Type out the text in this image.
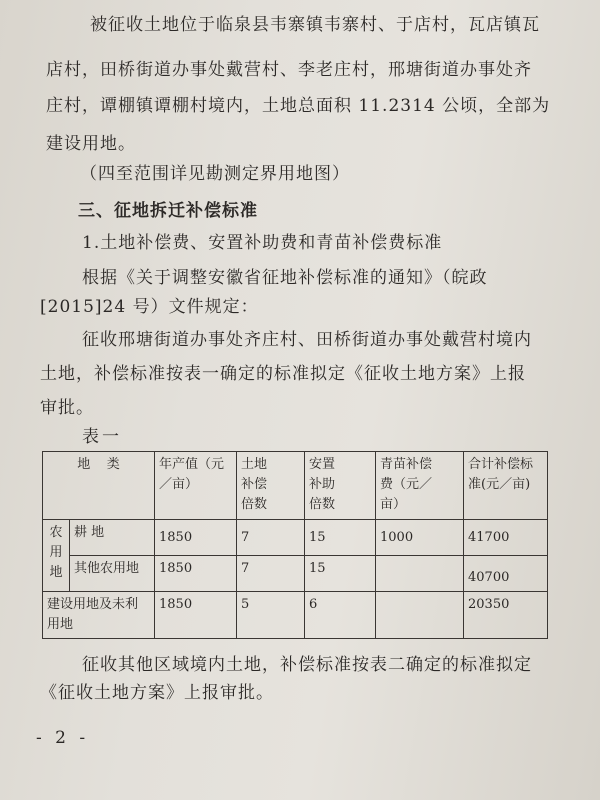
被征收土地位于临泉县韦寨镇韦寨村、于店村，瓦店镇瓦
店村，田桥街道办事处戴营村、李老庄村，邢塘街道办事处齐
庄村，谭棚镇谭棚村境内，土地总面积 11.2314 公顷，全部为
建设用地。
（四至范围详见勘测定界用地图）
三、征地拆迁补偿标准
1.土地补偿费、安置补助费和青苗补偿费标准
根据《关于调整安徽省征地补偿标准的通知》（皖政
[2015]24 号）文件规定：
征收邢塘街道办事处齐庄村、田桥街道办事处戴营村境内
土地，补偿标准按表一确定的标准拟定《征收土地方案》上报
审批。
表一
地    类		年产值（元／亩）	土地补偿倍数	安置补助倍数	青苗补偿费（元／亩）	合计补偿标准(元／亩)

农用地	耕 地	1850	7	15	1000	41700
	其他农用地	1850	7	15		40700

建设用地及未利用地		1850	5	6		20350
征收其他区域境内土地，补偿标准按表二确定的标准拟定
《征收土地方案》上报审批。
- 2 -
